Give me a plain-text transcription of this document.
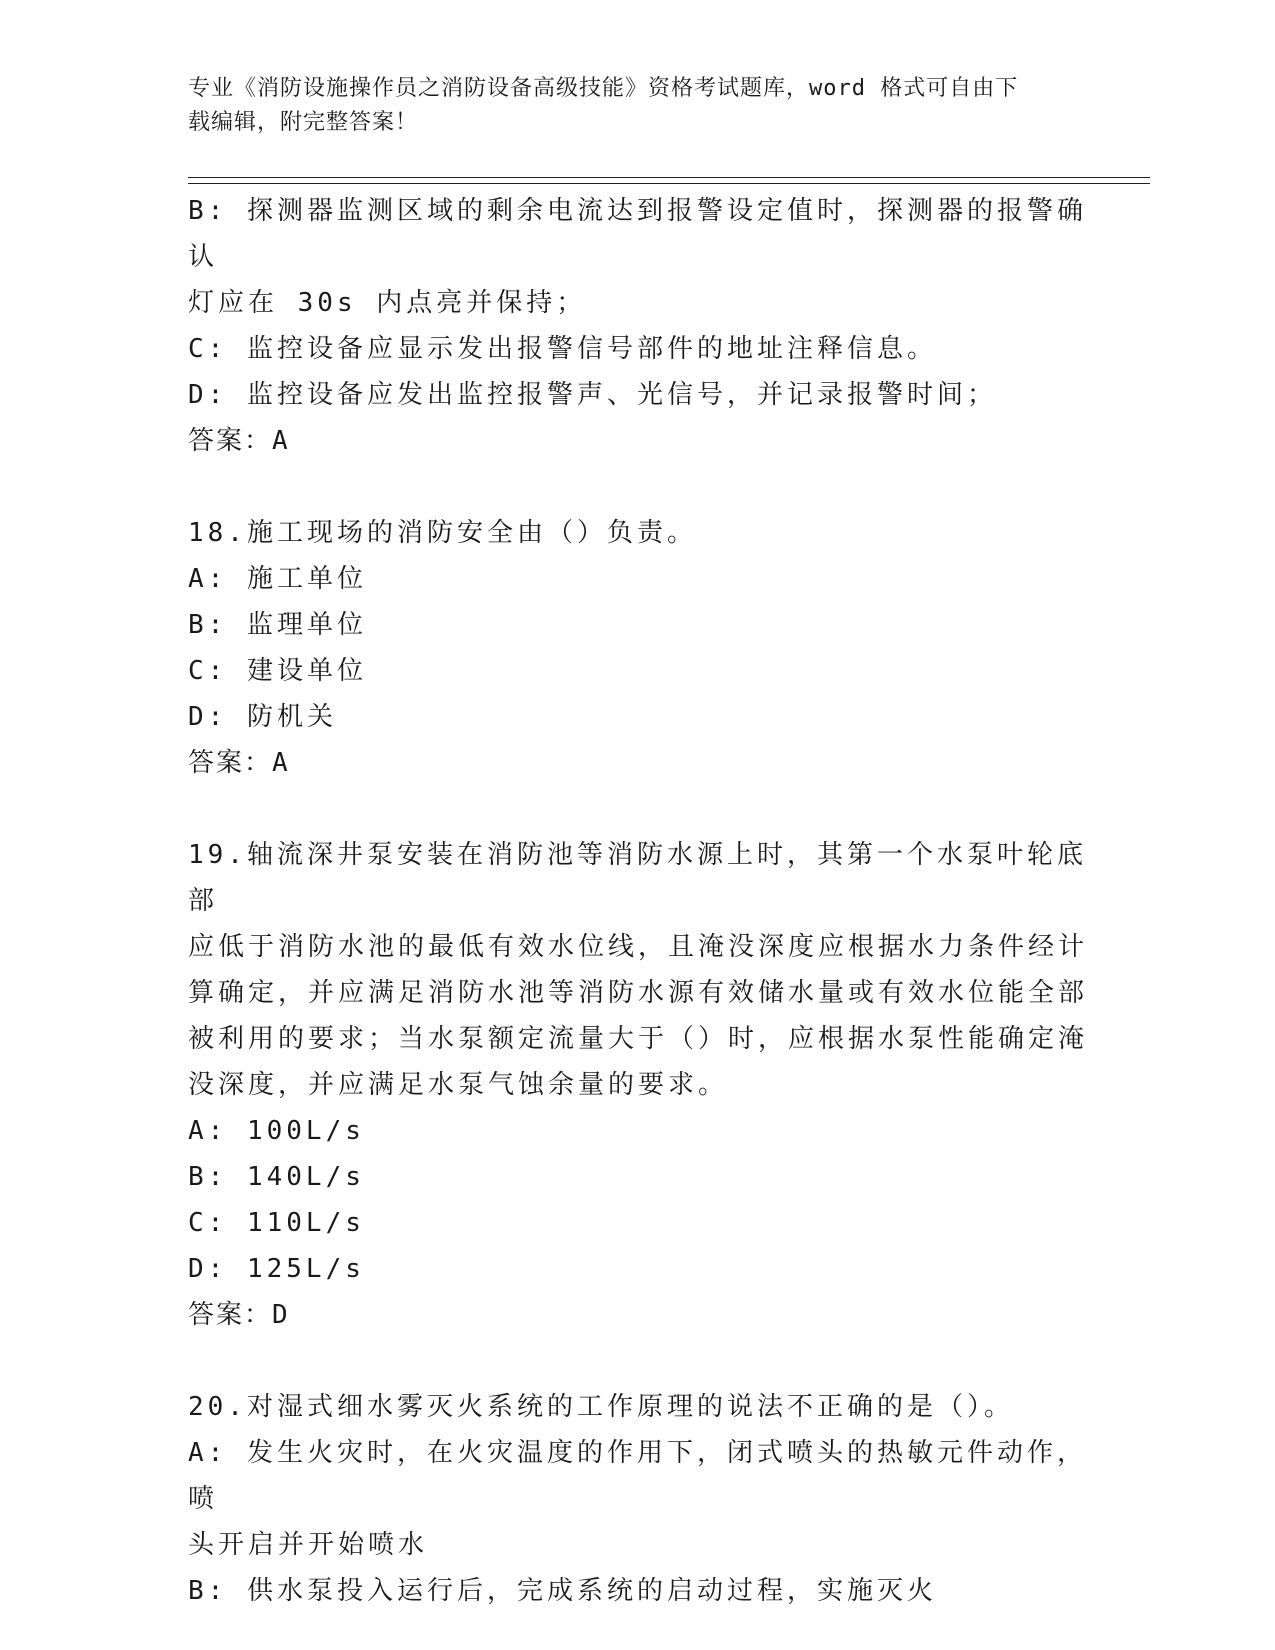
专业《消防设施操作员之消防设备高级技能》资格考试题库，word 格式可自由下
载编辑，附完整答案！
B: 探测器监测区域的剩余电流达到报警设定值时，探测器的报警确认
灯应在 30s 内点亮并保持；
C: 监控设备应显示发出报警信号部件的地址注释信息。
D: 监控设备应发出监控报警声、光信号，并记录报警时间；
答案：A
18.施工现场的消防安全由（）负责。
A: 施工单位
B: 监理单位
C: 建设单位
D: 防机关
答案：A
19.轴流深井泵安装在消防池等消防水源上时，其第一个水泵叶轮底部
应低于消防水池的最低有效水位线，且淹没深度应根据水力条件经计
算确定，并应满足消防水池等消防水源有效储水量或有效水位能全部
被利用的要求；当水泵额定流量大于（）时，应根据水泵性能确定淹
没深度，并应满足水泵气蚀余量的要求。
A: 100L/s
B: 140L/s
C: 110L/s
D: 125L/s
答案：D
20.对湿式细水雾灭火系统的工作原理的说法不正确的是（）。
A: 发生火灾时，在火灾温度的作用下，闭式喷头的热敏元件动作，喷
头开启并开始喷水
B: 供水泵投入运行后，完成系统的启动过程，实施灭火
